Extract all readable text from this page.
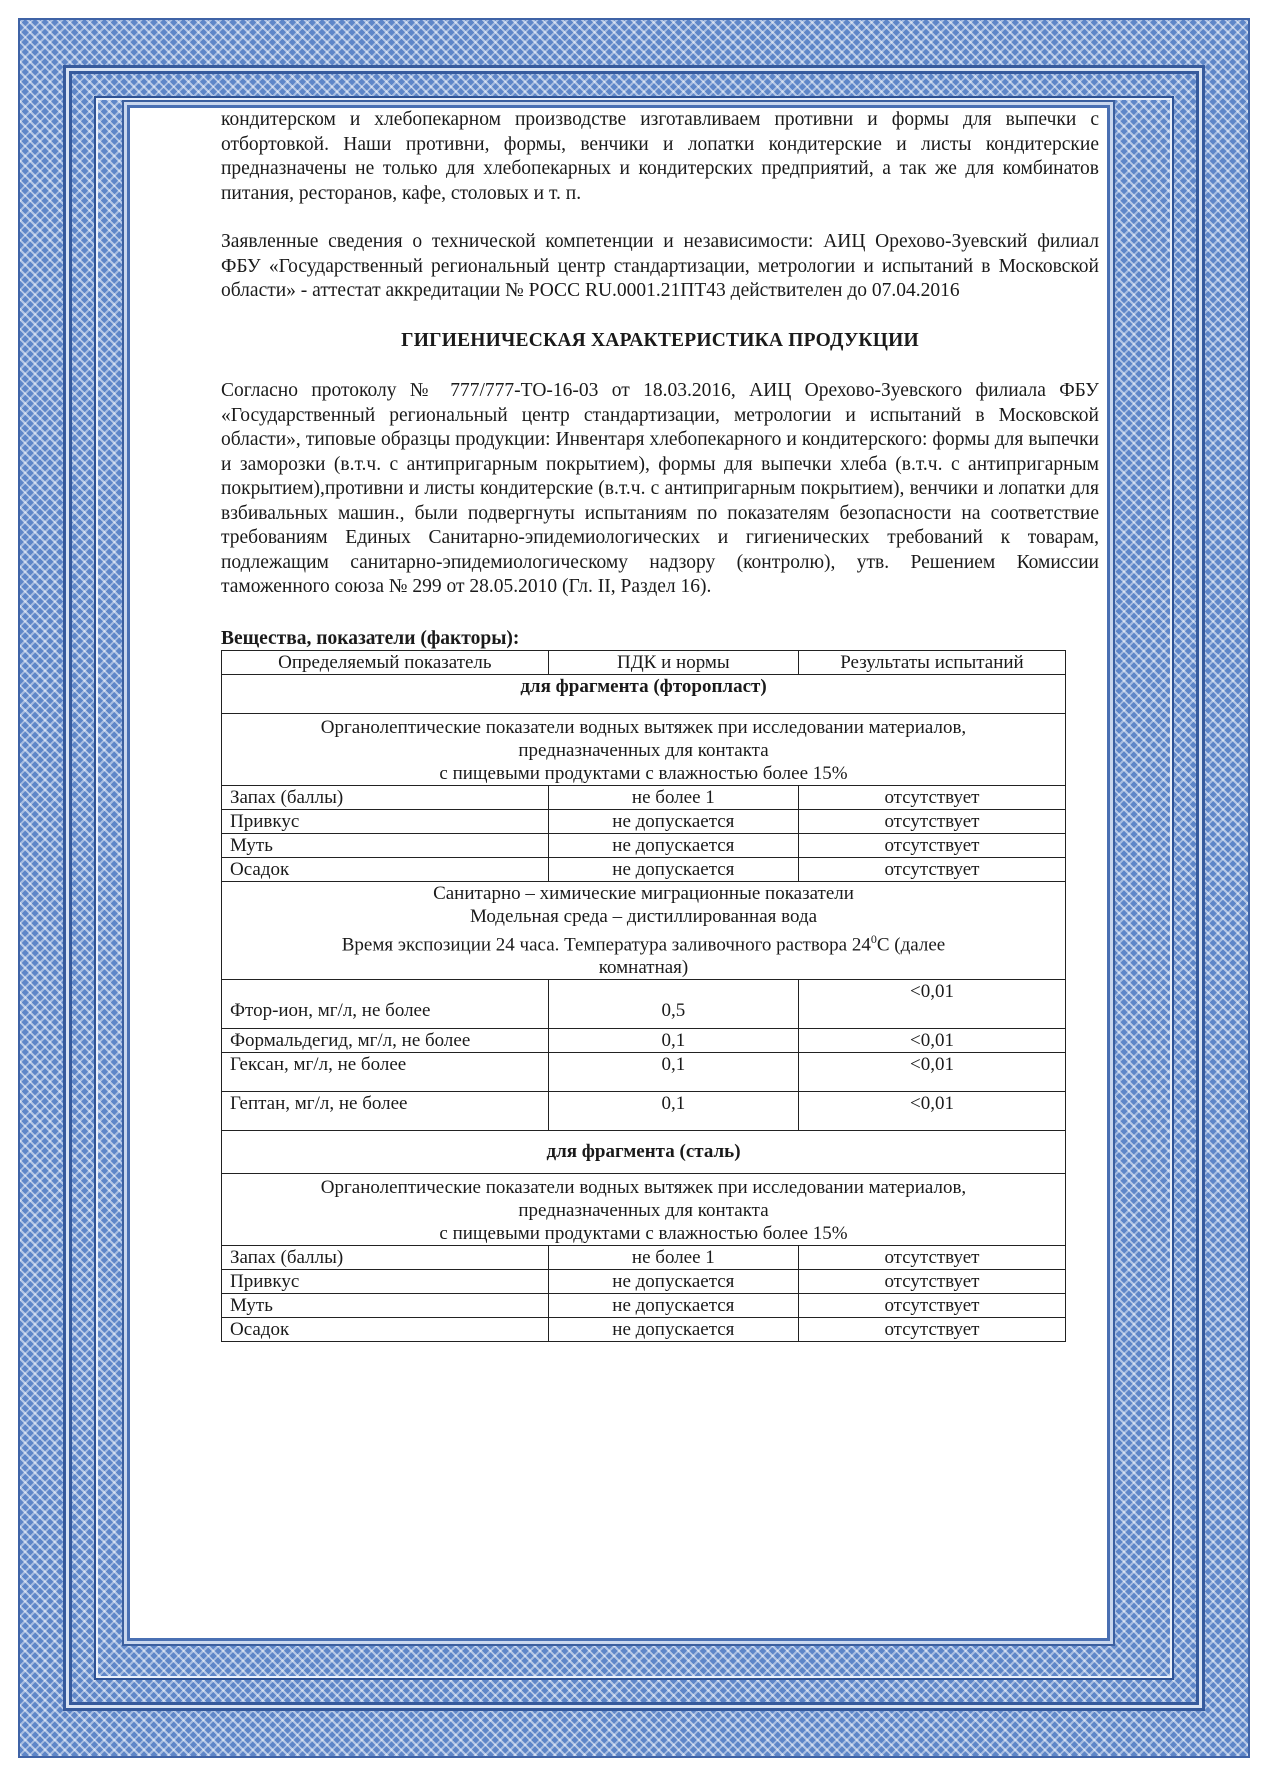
кондитерском и хлебопекарном производстве изготавливаем противни и формы для выпечки с отбортовкой. Наши противни, формы, венчики и лопатки кондитерские и листы кондитерские предназначены не только для хлебопекарных и кондитерских предприятий, а так же для комбинатов питания, ресторанов, кафе, столовых и т. п.

Заявленные сведения о технической компетенции и независимости: АИЦ Орехово-Зуевский филиал ФБУ «Государственный региональный центр стандартизации, метрологии и испытаний в Московской области» - аттестат аккредитации № РОСС RU.0001.21ПТ43 действителен до 07.04.2016

ГИГИЕНИЧЕСКАЯ ХАРАКТЕРИСТИКА ПРОДУКЦИИ

Согласно протоколу № 777/777-ТО-16-03 от 18.03.2016, АИЦ Орехово-Зуевского филиала ФБУ «Государственный региональный центр стандартизации, метрологии и испытаний в Московской области», типовые образцы продукции: Инвентаря хлебопекарного и кондитерского: формы для выпечки и заморозки (в.т.ч. с антипригарным покрытием), формы для выпечки хлеба (в.т.ч. с антипригарным покрытием),противни и листы кондитерские (в.т.ч. с антипригарным покрытием), венчики и лопатки для взбивальных машин., были подвергнуты испытаниям по показателям безопасности на соответствие требованиям Единых Санитарно-эпидемиологических и гигиенических требований к товарам, подлежащим санитарно-эпидемиологическому надзору (контролю), утв. Решением Комиссии таможенного союза № 299 от 28.05.2010 (Гл. II, Раздел 16).

Вещества, показатели (факторы):
Определяемый показатель	ПДК и нормы	Результаты испытаний
для фрагмента (фторопласт)		

Органолептические показатели водных вытяжек при исследовании материалов,
предназначенных для контакта
с пищевыми продуктами с влажностью более 15%		

Запах (баллы)	не более 1	отсутствует
Привкус	не допускается	отсутствует
Муть	не допускается	отсутствует
Осадок	не допускается	отсутствует

Санитарно – химические миграционные показатели
Модельная среда – дистиллированная вода
Время экспозиции 24 часа. Температура заливочного раствора $24^0С$ (далее
комнатная)		

Фтор-ион, мг/л, не более	0,5	<0,01
Формальдегид, мг/л, не более	0,1	<0,01
Гексан, мг/л, не более	0,1	<0,01
Гептан, мг/л, не более	0,1	<0,01
для фрагмента (сталь)		

Органолептические показатели водных вытяжек при исследовании материалов,
предназначенных для контакта
с пищевыми продуктами с влажностью более 15%		

Запах (баллы)	не более 1	отсутствует
Привкус	не допускается	отсутствует
Муть	не допускается	отсутствует
Осадок	не допускается	отсутствует
